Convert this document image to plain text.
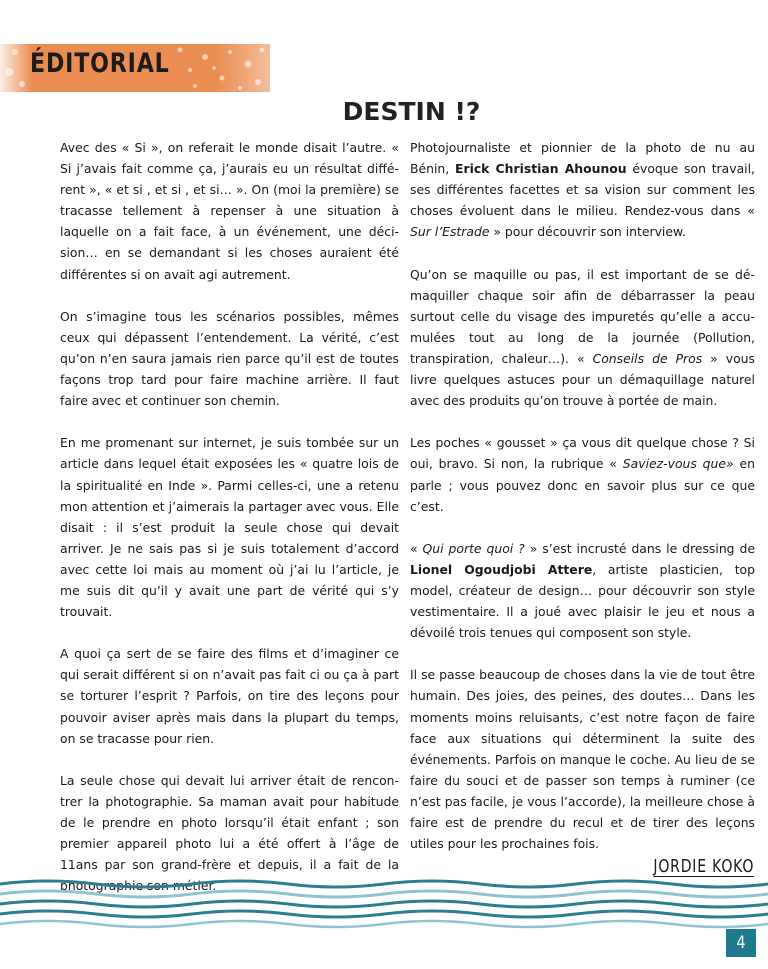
ÉDITORIAL
DESTIN !?

Avec des « Si », on referait le monde disait l’autre. « Si j’avais fait comme ça, j’aurais eu un résultat différent », « et si , et si , et si… ». On (moi la première) se tracasse tellement à repenser à une situation à laquelle on a fait face, à un événement, une décision… en se demandant si les choses auraient été différentes si on avait agi autrement.

On s’imagine tous les scénarios possibles, mêmes ceux qui dépassent l’entendement. La vérité, c’est qu’on n’en saura jamais rien parce qu’il est de toutes façons trop tard pour faire machine arrière. Il faut faire avec et continuer son chemin.

En me promenant sur internet, je suis tombée sur un article dans lequel était exposées les « quatre lois de la spiritualité en Inde ». Parmi celles-ci, une a retenu mon attention et j’aimerais la partager avec vous. Elle disait : il s’est produit la seule chose qui devait arriver. Je ne sais pas si je suis totalement d’accord avec cette loi mais au moment où j’ai lu l’article, je me suis dit qu’il y avait une part de vérité qui s’y trouvait.

A quoi ça sert de se faire des films et d’imaginer ce qui serait différent si on n’avait pas fait ci ou ça à part se torturer l’esprit ? Parfois, on tire des leçons pour pouvoir aviser après mais dans la plupart du temps, on se tracasse pour rien.

La seule chose qui devait lui arriver était de rencontrer la photographie. Sa maman avait pour habitude de le prendre en photo lorsqu’il était enfant ; son premier appareil photo lui a été offert à l’âge de 11ans par son grand-frère et depuis, il a fait de la photographie son métier.

Photojournaliste et pionnier de la photo de nu au Bénin, Erick Christian Ahounou évoque son travail, ses différentes facettes et sa vision sur comment les choses évoluent dans le milieu. Rendez-vous dans « Sur l’Estrade » pour découvrir son interview.

Qu’on se maquille ou pas, il est important de se démaquiller chaque soir afin de débarrasser la peau surtout celle du visage des impuretés qu’elle a accumulées tout au long de la journée (Pollution, transpiration, chaleur…). « Conseils de Pros » vous livre quelques astuces pour un démaquillage naturel avec des produits qu’on trouve à portée de main.

Les poches « gousset » ça vous dit quelque chose ? Si oui, bravo. Si non, la rubrique « Saviez-vous que» en parle ; vous pouvez donc en savoir plus sur ce que c’est.

« Qui porte quoi ? » s’est incrusté dans le dressing de Lionel Ogoudjobi Attere, artiste plasticien, top model, créateur de design… pour découvrir son style vestimentaire. Il a joué avec plaisir le jeu et nous a dévoilé trois tenues qui composent son style.

Il se passe beaucoup de choses dans la vie de tout être humain. Des joies, des peines, des doutes… Dans les moments moins reluisants, c’est notre façon de faire face aux situations qui déterminent la suite des événements. Parfois on manque le coche. Au lieu de se faire du souci et de passer son temps à ruminer (ce n’est pas facile, je vous l’accorde), la meilleure chose à faire est de prendre du recul et de tirer des leçons utiles pour les prochaines fois.

JORDIE KOKO
4
